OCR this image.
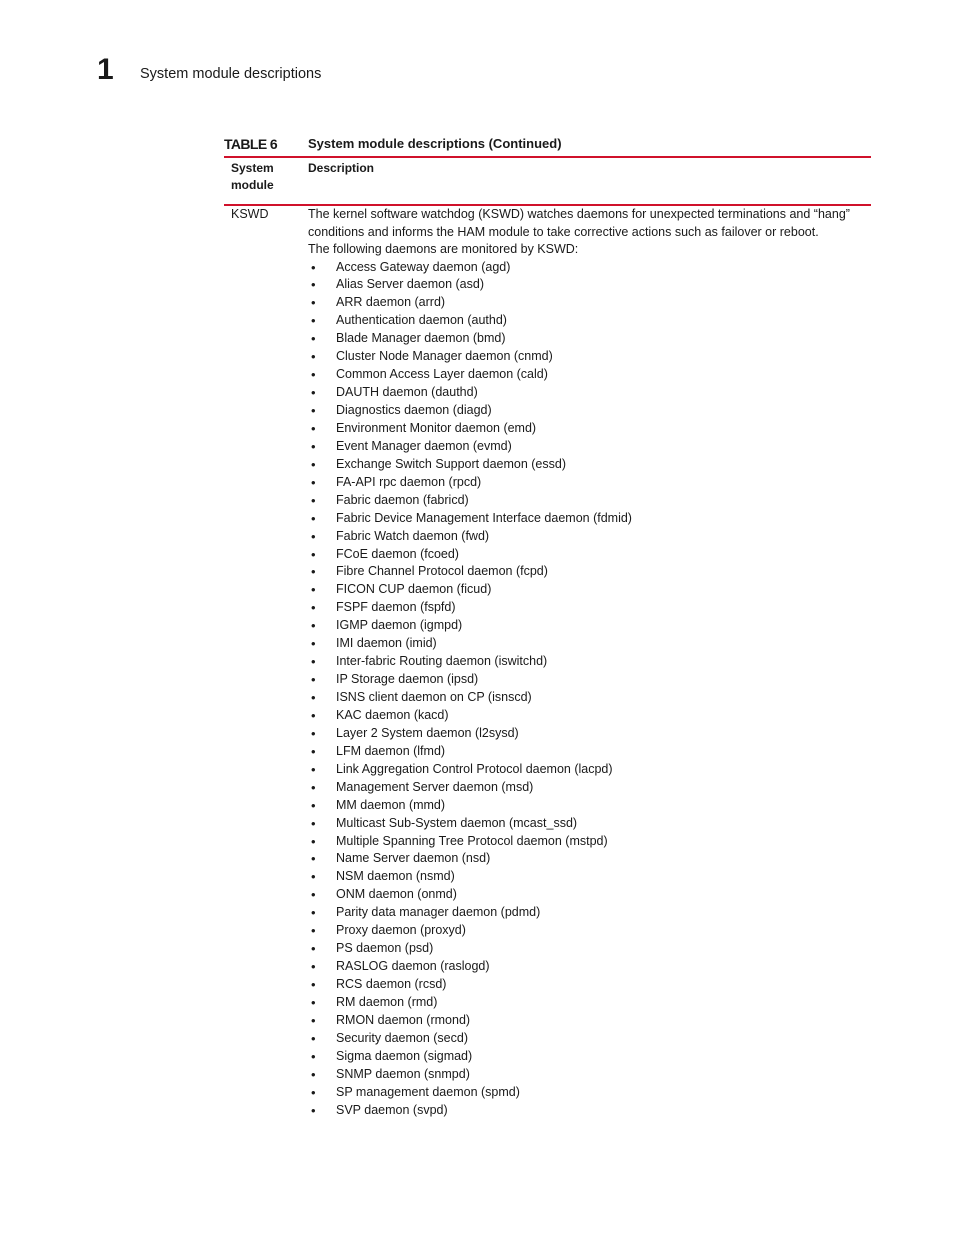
1 System module descriptions
TABLE 6 System module descriptions (Continued)
System module
Description
KSWD	The kernel software watchdog (KSWD) watches daemons for unexpected terminations and “hang” conditions and informs the HAM module to take corrective actions such as failover or reboot.

The following daemons are monitored by KSWD:

• Access Gateway daemon (agd)
• Alias Server daemon (asd)
• ARR daemon (arrd)
• Authentication daemon (authd)
• Blade Manager daemon (bmd)
• Cluster Node Manager daemon (cnmd)
• Common Access Layer daemon (cald)
• DAUTH daemon (dauthd)
• Diagnostics daemon (diagd)
• Environment Monitor daemon (emd)
• Event Manager daemon (evmd)
• Exchange Switch Support daemon (essd)
• FA-API rpc daemon (rpcd)
• Fabric daemon (fabricd)
• Fabric Device Management Interface daemon (fdmid)
• Fabric Watch daemon (fwd)
• FCoE daemon (fcoed)
• Fibre Channel Protocol daemon (fcpd)
• FICON CUP daemon (ficud)
• FSPF daemon (fspfd)
• IGMP daemon (igmpd)
• IMI daemon (imid)
• Inter-fabric Routing daemon (iswitchd)
• IP Storage daemon (ipsd)
• ISNS client daemon on CP (isnscd)
• KAC daemon (kacd)
• Layer 2 System daemon (l2sysd)
• LFM daemon (lfmd)
• Link Aggregation Control Protocol daemon (lacpd)
• Management Server daemon (msd)
• MM daemon (mmd)
• Multicast Sub-System daemon (mcast_ssd)
• Multiple Spanning Tree Protocol daemon (mstpd)
• Name Server daemon (nsd)
• NSM daemon (nsmd)
• ONM daemon (onmd)
• Parity data manager daemon (pdmd)
• Proxy daemon (proxyd)
• PS daemon (psd)
• RASLOG daemon (raslogd)
• RCS daemon (rcsd)
• RM daemon (rmd)
• RMON daemon (rmond)
• Security daemon (secd)
• Sigma daemon (sigmad)
• SNMP daemon (snmpd)
• SP management daemon (spmd)
• SVP daemon (svpd)
